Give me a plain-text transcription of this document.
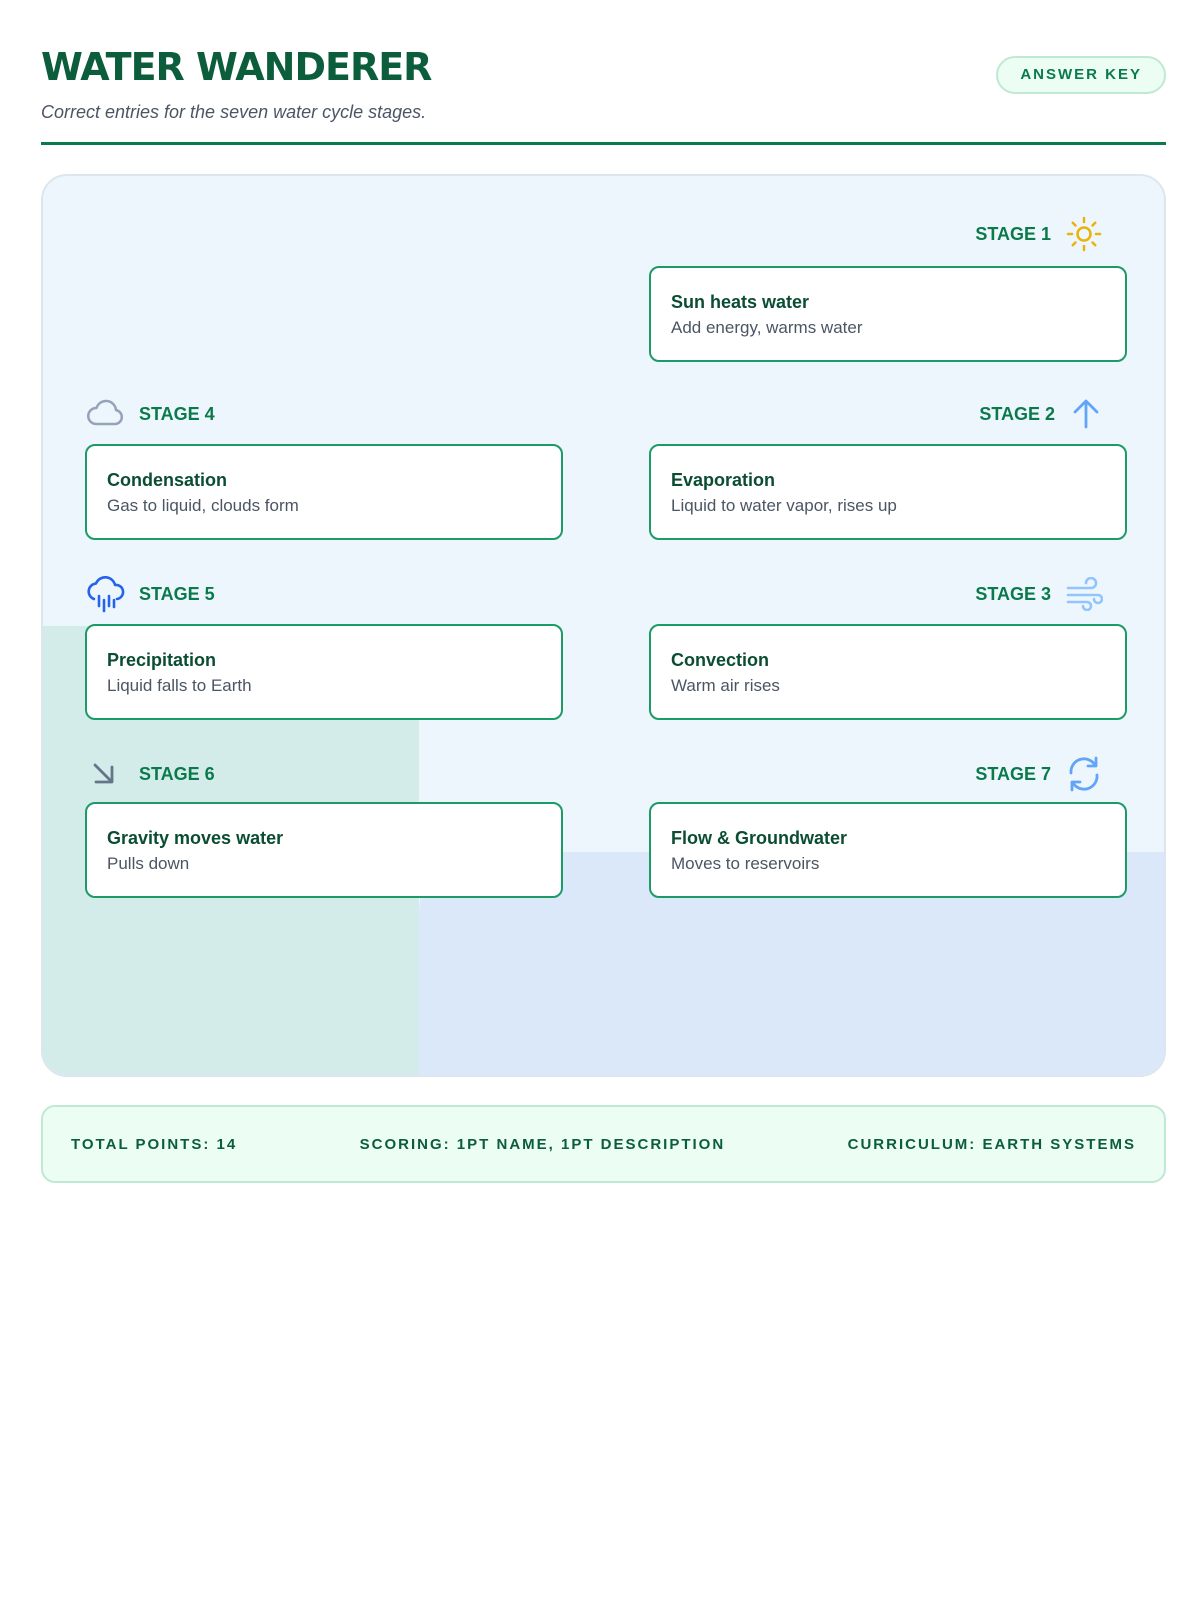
WATER WANDERER
Correct entries for the seven water cycle stages.
ANSWER KEY
STAGE 1
Sun heats water
Add energy, warms water
STAGE 4
Condensation
Gas to liquid, clouds form
STAGE 2
Evaporation
Liquid to water vapor, rises up
STAGE 5
Precipitation
Liquid falls to Earth
STAGE 3
Convection
Warm air rises
STAGE 6
Gravity moves water
Pulls down
STAGE 7
Flow & Groundwater
Moves to reservoirs
TOTAL POINTS: 14	SCORING: 1PT NAME, 1PT DESCRIPTION	CURRICULUM: EARTH SYSTEMS
